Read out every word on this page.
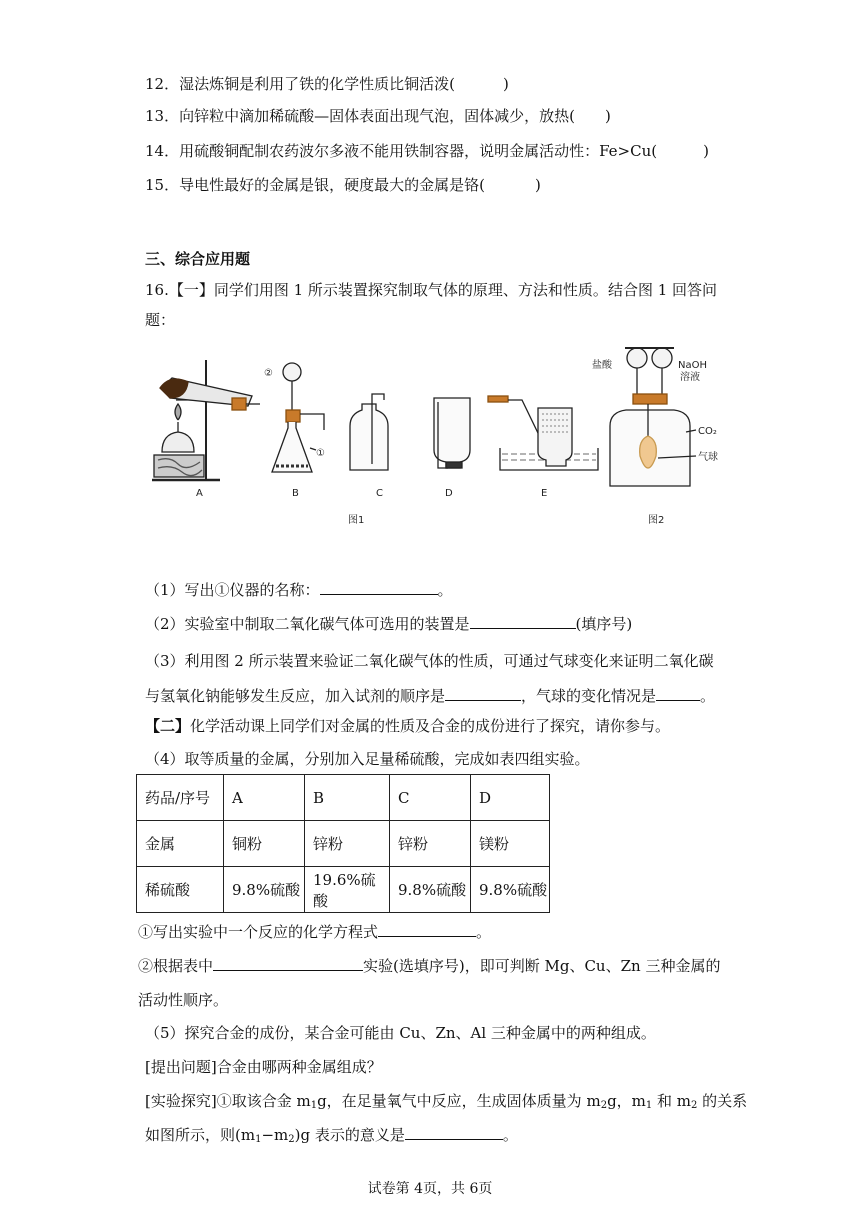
12．湿法炼铜是利用了铁的化学性质比铜活泼(	)
13．向锌粒中滴加稀硫酸—固体表面出现气泡，固体减少，放热( )
14．用硫酸铜配制农药波尔多液不能用铁制容器，说明金属活动性：Fe>Cu(	)
15．导电性最好的金属是银，硬度最大的金属是铬(	)
三、综合应用题
16.【一】同学们用图 1 所示装置探究制取气体的原理、方法和性质。结合图 1 回答问
题：
A	B	C	D	E
②
①
图1	图2
盐酸	NaOH
溶液
CO₂
气球
（1）写出①仪器的名称：	。
（2）实验室中制取二氧化碳气体可选用的装置是	(填序号)
（3）利用图 2 所示装置来验证二氧化碳气体的性质，可通过气球变化来证明二氧化碳
与氢氧化钠能够发生反应，加入试剂的顺序是	，气球的变化情况是	。
【二】化学活动课上同学们对金属的性质及合金的成份进行了探究，请你参与。
（4）取等质量的金属，分别加入足量稀硫酸，完成如表四组实验。
药品/序号	A	B	C	D
金属	铜粉	锌粉	锌粉	镁粉
稀硫酸	9.8%硫酸	19.6%硫酸	9.8%硫酸	9.8%硫酸
①写出实验中一个反应的化学方程式	。
②根据表中	实验(选填序号)，即可判断 Mg、Cu、Zn 三种金属的
活动性顺序。
（5）探究合金的成份，某合金可能由 Cu、Zn、Al 三种金属中的两种组成。
[提出问题]合金由哪两种金属组成？
[实验探究]①取该合金 $m_1g$，在足量氧气中反应，生成固体质量为 $m_2g$，$m_1$ 和 $m_2$ 的关系
如图所示，则$(m_1-m_2)g$ 表示的意义是	。
试卷第 4页，共 6页
